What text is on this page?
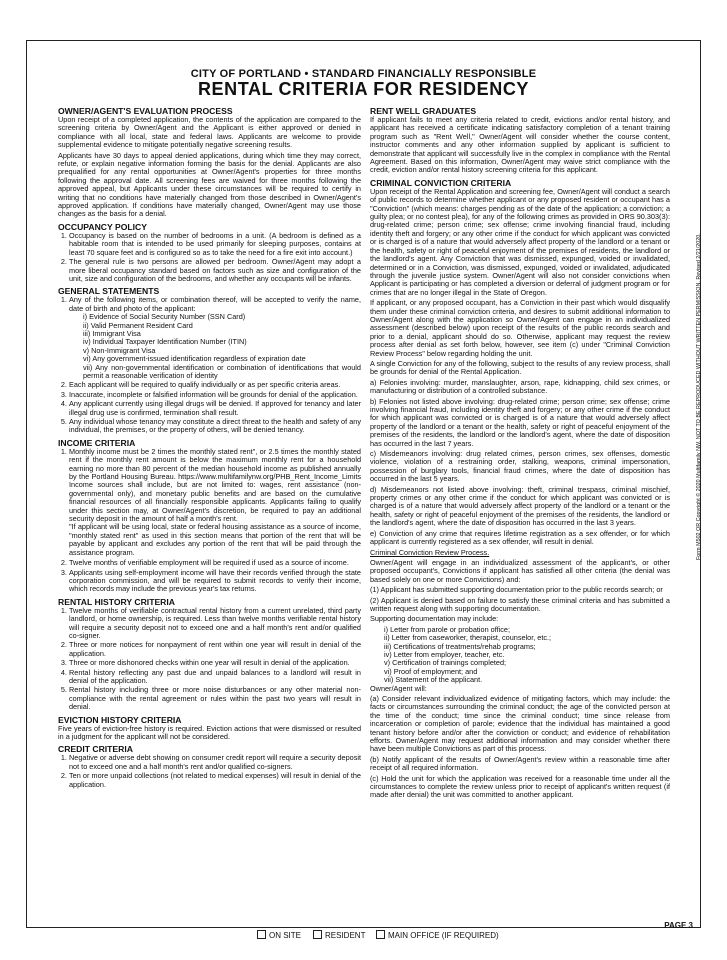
CITY OF PORTLAND • STANDARD FINANCIALLY RESPONSIBLE
RENTAL CRITERIA FOR RESIDENCY
OWNER/AGENT'S EVALUATION PROCESS

Upon receipt of a completed application, the contents of the application are compared to the screening criteria by Owner/Agent and the Applicant is either approved or denied in compliance with all local, state and federal laws. Applicants are welcome to provide supplemental evidence to mitigate potentially negative screening results.

Applicants have 30 days to appeal denied applications, during which time they may correct, refute, or explain negative information forming the basis for the denial. Applicants are also prequalified for any rental opportunities at Owner/Agent's properties for three months following the approval date. All screening fees are waived for three months following the approved appeal, but Applicants under these circumstances will be required to certify in writing that no conditions have materially changed from those described in Owner/Agent's approved application. If conditions have materially changed, Owner/Agent may use those changes as the basis for a denial.

OCCUPANCY POLICY
1. Occupancy is based on the number of bedrooms in a unit. (A bedroom is defined as a habitable room that is intended to be used primarily for sleeping purposes, contains at least 70 square feet and is configured so as to take the need for a fire exit into account.)
2. The general rule is two persons are allowed per bedroom. Owner/Agent may adopt a more liberal occupancy standard based on factors such as size and configuration of the unit, size and configuration of the bedrooms, and whether any occupants will be infants.
GENERAL STATEMENTS
1. Any of the following items, or combination thereof, will be accepted to verify the name, date of birth and photo of the applicant:
i) Evidence of Social Security Number (SSN Card)
ii) Valid Permanent Resident Card
iii) Immigrant Visa
iv) Individual Taxpayer Identification Number (ITIN)
v) Non-Immigrant Visa
vi) Any government-issued identification regardless of expiration date
vii) Any non-governmental identification or combination of identifications that would permit a reasonable verification of identity
2. Each applicant will be required to qualify individually or as per specific criteria areas.
3. Inaccurate, incomplete or falsified information will be grounds for denial of the application.
4. Any applicant currently using illegal drugs will be denied. If approved for tenancy and later illegal drug use is confirmed, termination shall result.
5. Any individual whose tenancy may constitute a direct threat to the health and safety of any individual, the premises, or the property of others, will be denied tenancy.
INCOME CRITERIA
1. Monthly income must be 2 times the monthly stated rent", or 2.5 times the monthly stated rent if the monthly rent amount is below the maximum monthly rent for a household earning no more than 80 percent of the median household income as published annually by the Portland Housing Bureau. https://www.multifamilynw.org/PHB_Rent_Income_Limits Income sources shall include, but are not limited to: wages, rent assistance (non-governmental only), and monetary public benefits and are based on the cumulative financial resources of all financially responsible applicants. Applicants failing to qualify under this section may, at Owner/Agent's discretion, be required to pay an additional security deposit in the amount of half a month's rent.

"If applicant will be using local, state or federal housing assistance as a source of income, "monthly stated rent" as used in this section means that portion of the rent that will be payable by applicant and excludes any portion of the rent that will be paid through the assistance program.

2. Twelve months of verifiable employment will be required if used as a source of income.
3. Applicants using self-employment income will have their records verified through the state corporation commission, and will be required to submit records to verify their income, which records may include the previous year's tax returns.
RENTAL HISTORY CRITERIA
1. Twelve months of verifiable contractual rental history from a current unrelated, third party landlord, or home ownership, is required. Less than twelve months verifiable rental history will require a security deposit not to exceed one and a half month's rent and/or qualified co-signer.
2. Three or more notices for nonpayment of rent within one year will result in denial of the application.
3. Three or more dishonored checks within one year will result in denial of the application.
4. Rental history reflecting any past due and unpaid balances to a landlord will result in denial of the application.
5. Rental history including three or more noise disturbances or any other material non-compliance with the rental agreement or rules within the past two years will result in denial.
EVICTION HISTORY CRITERIA

Five years of eviction-free history is required. Eviction actions that were dismissed or resulted in a judgment for the applicant will not be considered.

CREDIT CRITERIA
1. Negative or adverse debt showing on consumer credit report will require a security deposit not to exceed one and a half month's rent and/or qualified co-signers.
2. Ten or more unpaid collections (not related to medical expenses) will result in denial of the application.
RENT WELL GRADUATES

If applicant fails to meet any criteria related to credit, evictions and/or rental history, and applicant has received a certificate indicating satisfactory completion of a tenant training program such as "Rent Well," Owner/Agent will consider whether the course content, instructor comments and any other information supplied by applicant is sufficient to demonstrate that applicant will successfully live in the complex in compliance with the Rental Agreement. Based on this information, Owner/Agent may waive strict compliance with the credit, eviction and/or rental history screening criteria for this applicant.

CRIMINAL CONVICTION CRITERIA

Upon receipt of the Rental Application and screening fee, Owner/Agent will conduct a search of public records to determine whether applicant or any proposed resident or occupant has a "Conviction" (which means: charges pending as of the date of the application; a conviction; a guilty plea; or no contest plea), for any of the following crimes as provided in ORS 90.303(3): drug-related crime; person crime; sex offense; crime involving financial fraud, including identity theft and forgery; or any other crime if the conduct for which applicant was convicted or is charged is of a nature that would adversely affect property of the landlord or a tenant or the health, safety or right of peaceful enjoyment of the premises of residents, the landlord or the landlord's agent. Any Conviction that was dismissed, expunged, voided or invalidated, determined or in a Conviction, was dismissed, expunged, voided or invalidated, adjudicated through the juvenile justice system. Owner/Agent will also not consider convictions when Applicant is participating or has completed a diversion or deferral of judgment program or for crimes that are no longer illegal in the State of Oregon.

If applicant, or any proposed occupant, has a Conviction in their past which would disqualify them under these criminal conviction criteria, and desires to submit additional information to Owner/Agent along with the application so Owner/Agent can engage in an individualized assessment (described below) upon receipt of the results of the public records search and prior to a denial, applicant should do so. Otherwise, applicant may request the review process after denial as set forth below, however, see item (c) under "Criminal Conviction Review Process" below regarding holding the unit.

A single Conviction for any of the following, subject to the results of any review process, shall be grounds for denial of the Rental Application.

a) Felonies involving: murder, manslaughter, arson, rape, kidnapping, child sex crimes, or manufacturing or distribution of a controlled substance.

b) Felonies not listed above involving: drug-related crime; person crime; sex offense; crime involving financial fraud, including identity theft and forgery; or any other crime if the conduct for which applicant was convicted or is charged is of a nature that would adversely affect property of the landlord or a tenant or the health, safety or right of peaceful enjoyment of the premises of the residents, the landlord or the landlord's agent, where the date of disposition has occurred in the last 7 years.

c) Misdemeanors involving: drug related crimes, person crimes, sex offenses, domestic violence, violation of a restraining order, stalking, weapons, criminal impersonation, possession of burglary tools, financial fraud crimes, where the date of disposition has occurred in the last 5 years.

d) Misdemeanors not listed above involving: theft, criminal trespass, criminal mischief, property crimes or any other crime if the conduct for which applicant was convicted or is charged is of a nature that would adversely affect property of the landlord or a tenant or the health, safety or right of peaceful enjoyment of the premises of the residents, the landlord or the landlord's agent, where the date of disposition has occurred in the last 3 years.

e) Conviction of any crime that requires lifetime registration as a sex offender, or for which applicant is currently registered as a sex offender, will result in denial.

Criminal Conviction Review Process.

Owner/Agent will engage in an individualized assessment of the applicant's, or other proposed occupant's, Convictions if applicant has satisfied all other criteria (the denial was based solely on one or more Convictions) and:

(1) Applicant has submitted supporting documentation prior to the public records search; or

(2) Applicant is denied based on failure to satisfy these criminal criteria and has submitted a written request along with supporting documentation.

Supporting documentation may include:

i) Letter from parole or probation office;
ii) Letter from caseworker, therapist, counselor, etc.;
iii) Certifications of treatments/rehab programs;
iv) Letter from employer, teacher, etc.
v) Certification of trainings completed;
vi) Proof of employment; and
vii) Statement of the applicant.

Owner/Agent will:

(a) Consider relevant individualized evidence of mitigating factors, which may include: the facts or circumstances surrounding the criminal conduct; the age of the convicted person at the time of the conduct; time since the criminal conduct; time since release from incarceration or completion of parole; evidence that the individual has maintained a good tenant history before and/or after the conviction or conduct; and evidence of rehabilitation efforts. Owner/Agent may request additional information and may consider whether there have been multiple Convictions as part of this process.

(b) Notify applicant of the results of Owner/Agent's review within a reasonable time after receipt of all required information.

(c) Hold the unit for which the application was received for a reasonable time under all the circumstances to complete the review unless prior to receipt of applicant's written request (if made after denial) the unit was committed to another applicant.

Form M502 OR Copyright © 2020 Multifamily NW. NOT TO BE REPRODUCED WITHOUT WRITTEN PERMISSION. Revised 2/21/2020.
PAGE 3
ON SITE	RESIDENT	MAIN OFFICE (IF REQUIRED)
